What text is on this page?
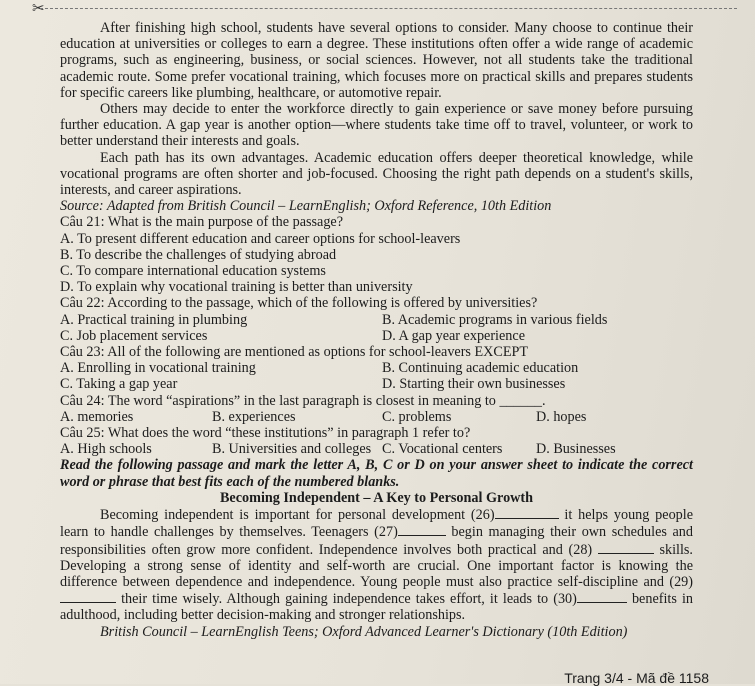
✂

After finishing high school, students have several options to consider. Many choose to continue their education at universities or colleges to earn a degree. These institutions often offer a wide range of academic programs, such as engineering, business, or social sciences. However, not all students take the traditional academic route. Some prefer vocational training, which focuses more on practical skills and prepares students for specific careers like plumbing, healthcare, or automotive repair.

Others may decide to enter the workforce directly to gain experience or save money before pursuing further education. A gap year is another option—where students take time off to travel, volunteer, or work to better understand their interests and goals.

Each path has its own advantages. Academic education offers deeper theoretical knowledge, while vocational programs are often shorter and job-focused. Choosing the right path depends on a student's skills, interests, and career aspirations.

Source: Adapted from British Council – LearnEnglish; Oxford Reference, 10th Edition

Câu 21: What is the main purpose of the passage?

A. To present different education and career options for school-leavers

B. To describe the challenges of studying abroad

C. To compare international education systems

D. To explain why vocational training is better than university

Câu 22: According to the passage, which of the following is offered by universities?

A. Practical training in plumbing	B. Academic programs in various fields
C. Job placement services	D. A gap year experience

Câu 23: All of the following are mentioned as options for school-leavers EXCEPT

A. Enrolling in vocational training	B. Continuing academic education
C. Taking a gap year	D. Starting their own businesses

Câu 24: The word “aspirations” in the last paragraph is closest in meaning to ______.

A. memories	B. experiences	C. problems	D. hopes

Câu 25: What does the word “these institutions” in paragraph 1 refer to?

A. High schools	B. Universities and colleges C. Vocational centers	D. Businesses

Read the following passage and mark the letter A, B, C or D on your answer sheet to indicate the correct word or phrase that best fits each of the numbered blanks.

Becoming Independent – A Key to Personal Growth

Becoming independent is important for personal development (26)	it helps young people learn to handle challenges by themselves. Teenagers (27)	begin managing their own schedules and responsibilities often grow more confident. Independence involves both practical and (28)	skills. Developing a strong sense of identity and self-worth are crucial. One important factor is knowing the difference between dependence and independence. Young people must also practice self-discipline and (29)  their time wisely. Although gaining independence takes effort, it leads to (30)	benefits in adulthood, including better decision-making and stronger relationships.

British Council – LearnEnglish Teens; Oxford Advanced Learner's Dictionary (10th Edition)

Trang 3/4 - Mã đề 1158
